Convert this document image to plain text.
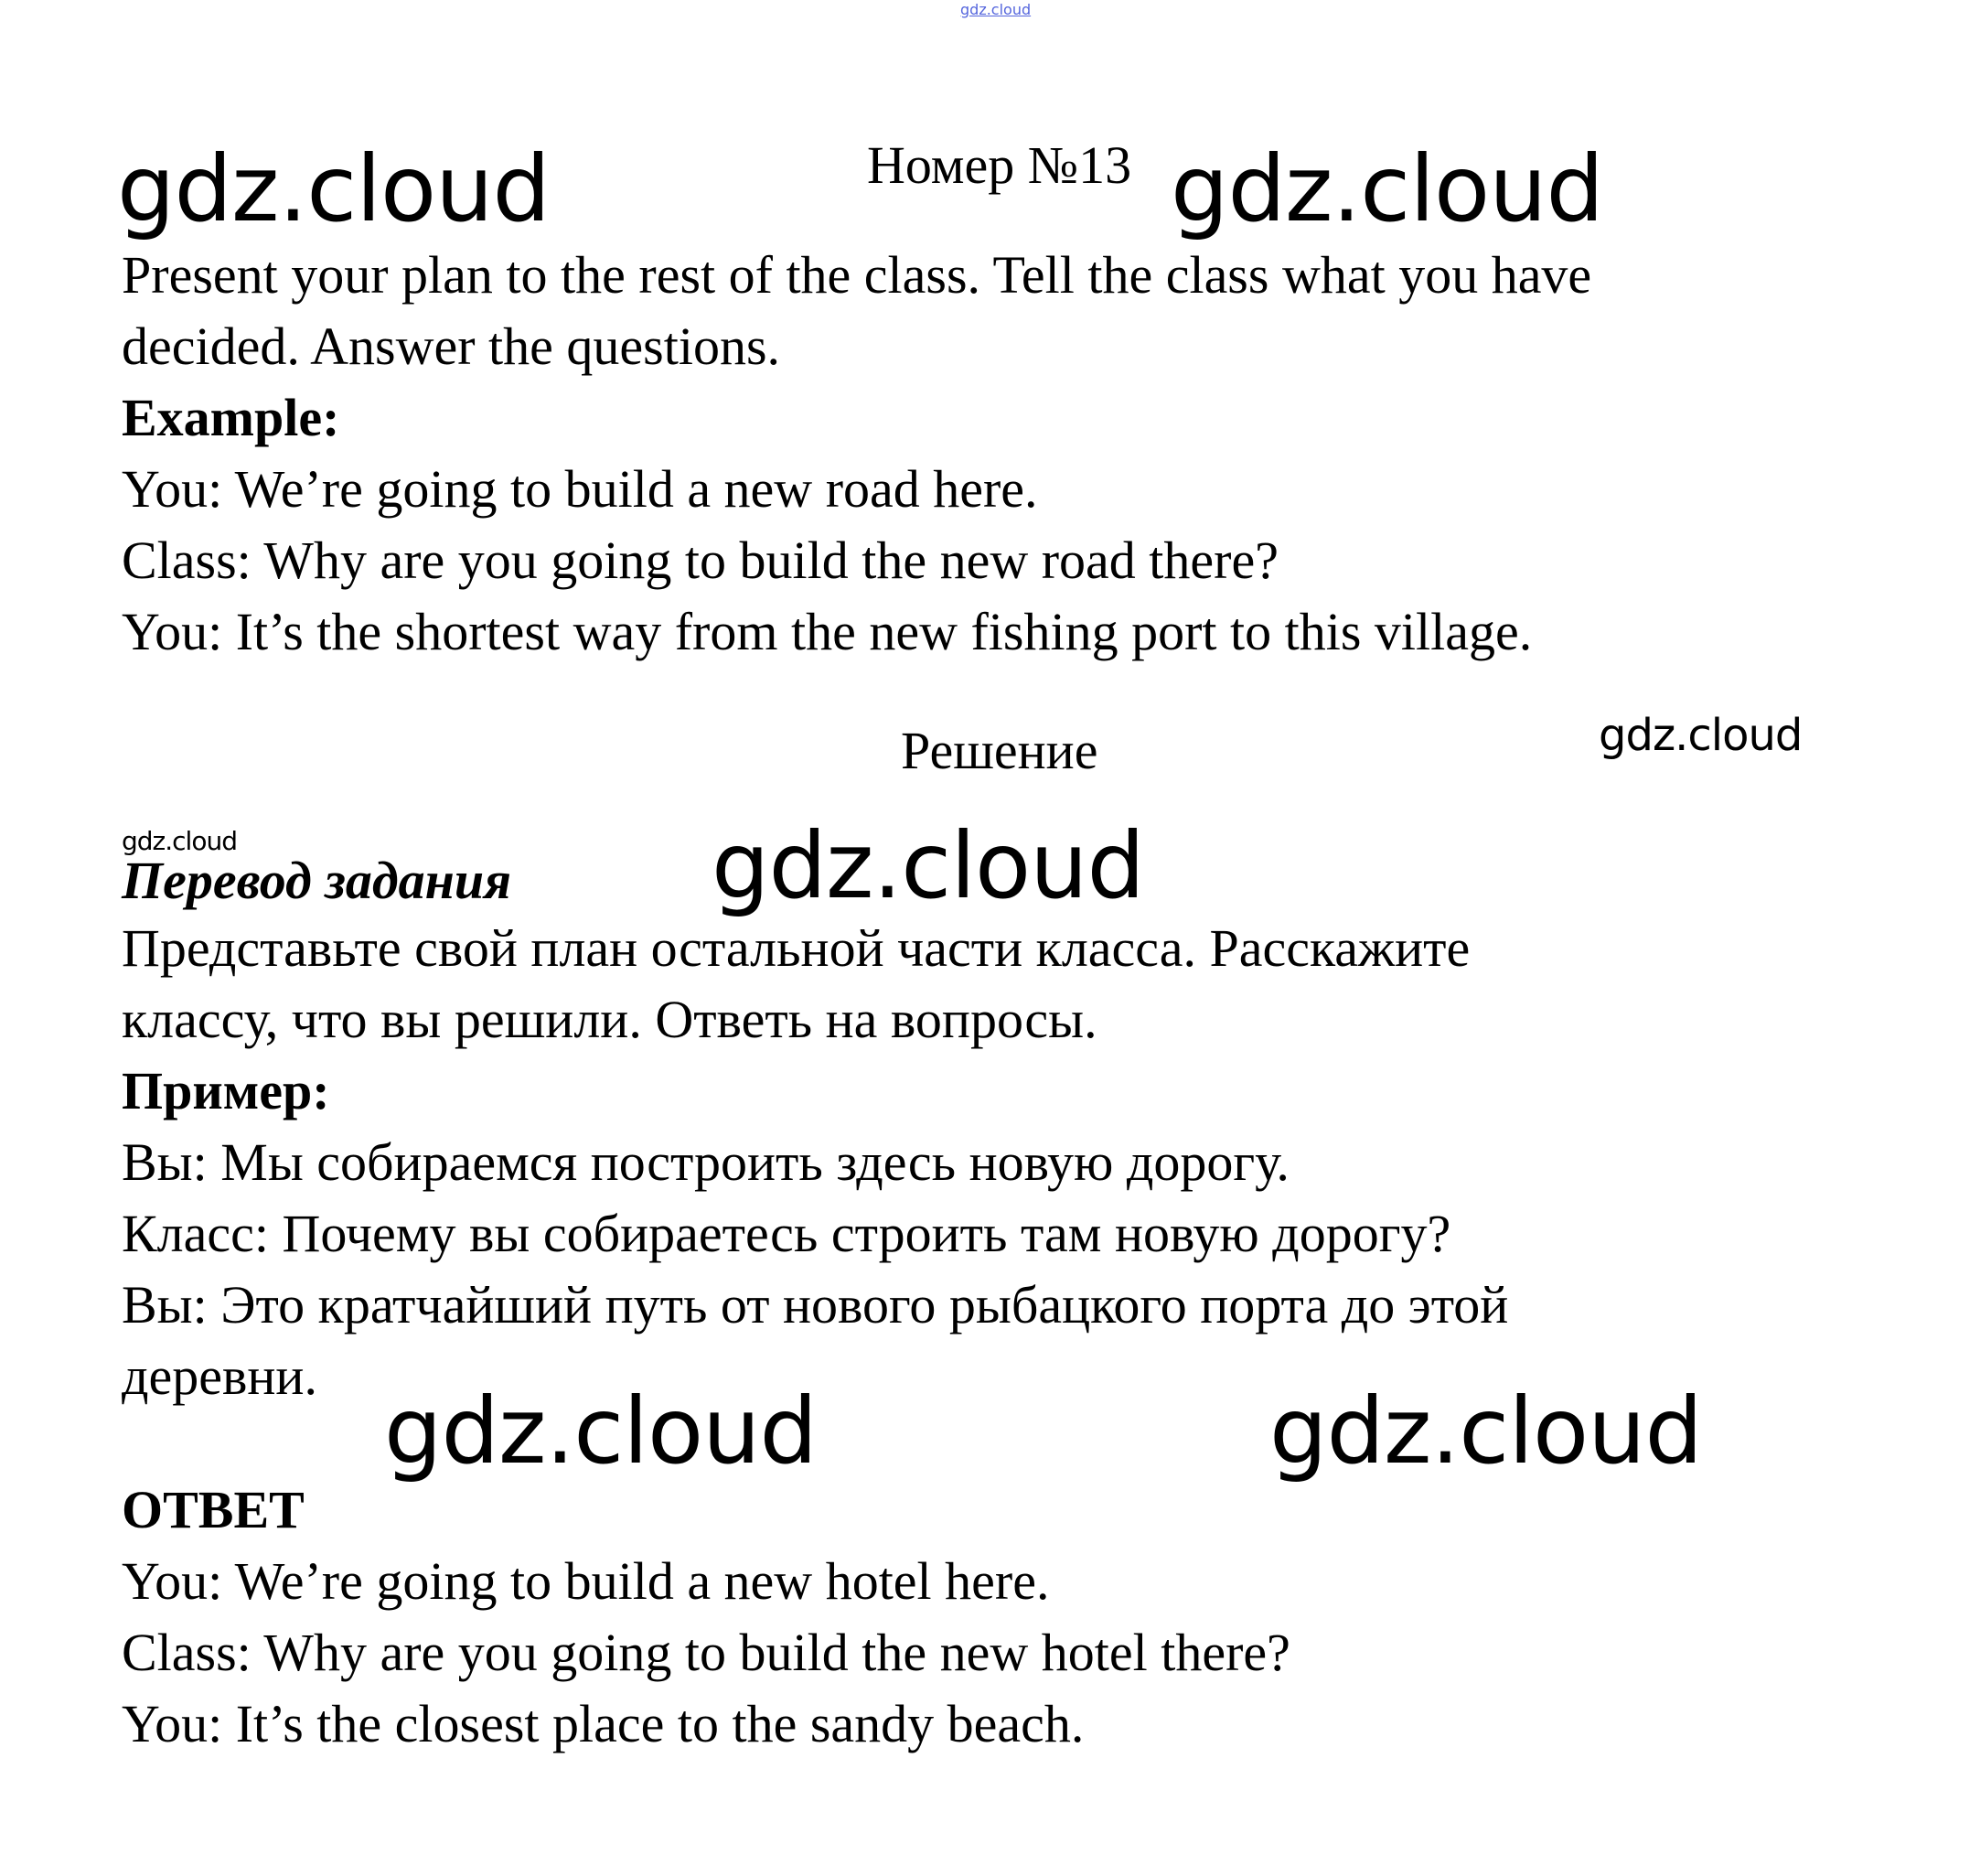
gdz.cloud
gdz.cloud	gdz.cloud
Номер №13
Present your plan to the rest of the class. Tell the class what you have
decided. Answer the questions.
Example:
You: We’re going to build a new road here.
Class: Why are you going to build the new road there?
You: It’s the shortest way from the new fishing port to this village.
Решение	gdz.cloud
gdz.cloud
Перевод задания gdz.cloud
Представьте свой план остальной части класса. Расскажите
классу, что вы решили. Ответь на вопросы.
Пример:
Вы: Мы собираемся построить здесь новую дорогу.
Класс: Почему вы собираетесь строить там новую дорогу?
Вы: Это кратчайший путь от нового рыбацкого порта до этой
деревни.
gdz.cloud	gdz.cloud
ОТВЕТ
You: We’re going to build a new hotel here.
Class: Why are you going to build the new hotel there?
You: It’s the closest place to the sandy beach.
